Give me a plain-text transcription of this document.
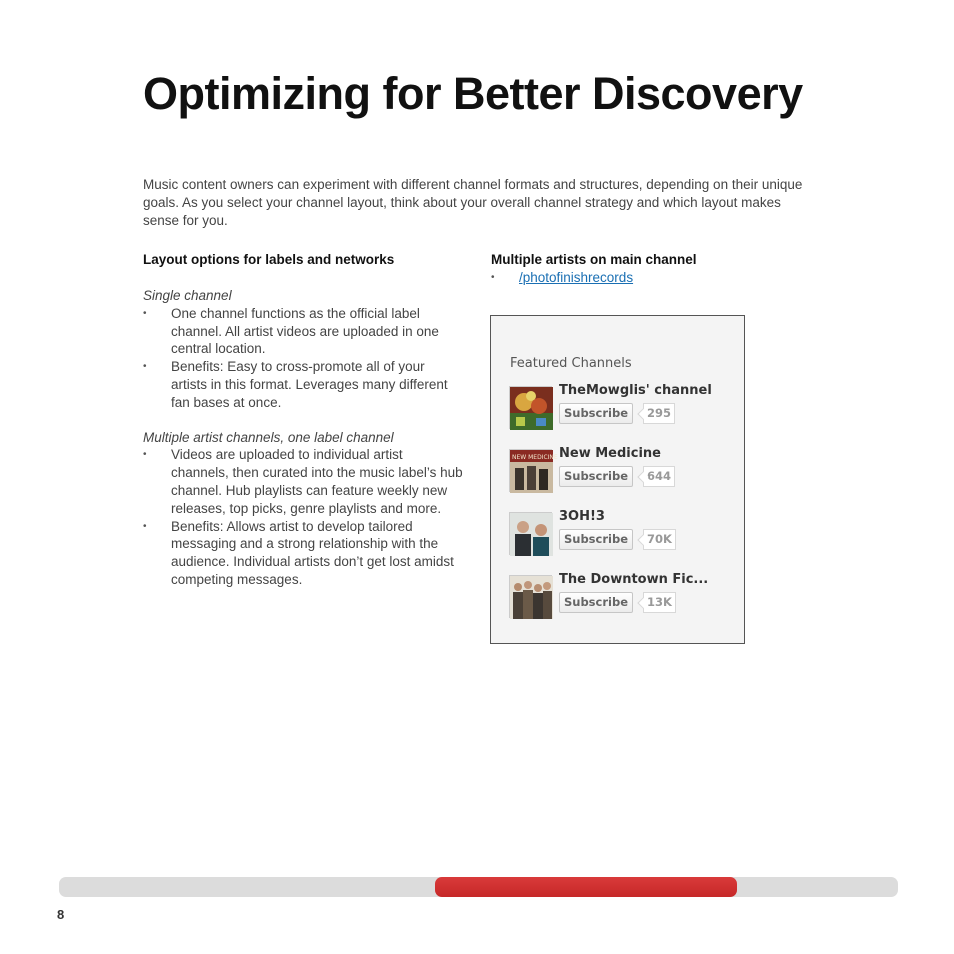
Optimizing for Better Discovery

Music content owners can experiment with different channel formats and structures, depending on their unique goals. As you select your channel layout, think about your overall channel strategy and which layout makes sense for you.

Layout options for labels and networks

Single channel

• One channel functions as the official label channel. All artist videos are uploaded in one central location.
• Benefits: Easy to cross-promote all of your artists in this format. Leverages many different fan bases at once.

Multiple artist channels, one label channel

• Videos are uploaded to individual artist channels, then curated into the music label’s hub channel. Hub playlists can feature weekly new releases, top picks, genre playlists and more.
• Benefits: Allows artist to develop tailored messaging and a strong relationship with the audience. Individual artists don’t get lost amidst competing messages.

Multiple artists on main channel

• /photofinishrecords
Featured Channels
TheMowglis' channel
Subscribe	295
NEW MEDICINE New Medicine
Subscribe	644
3OH!3
Subscribe	70K
The Downtown Fic...
Subscribe	13K
8
